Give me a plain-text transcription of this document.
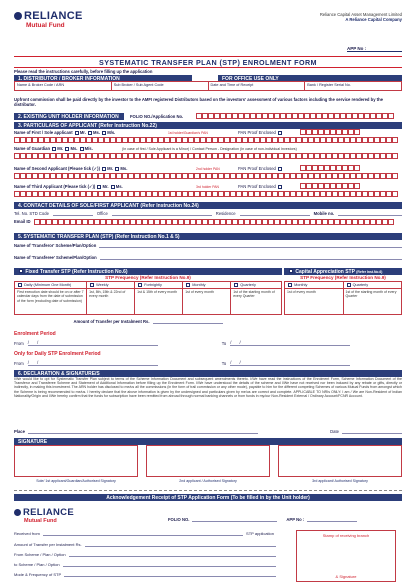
RELIANCE
Mutual Fund
Reliance Capital Asset Management Limited
A Reliance Capital Company
APP No :
SYSTEMATIC TRANSFER PLAN (STP) ENROLMENT FORM
Please read the instructions carefully, before filling up the application
1. DISTRIBUTOR / BROKER INFORMATION	FOR OFFICE USE ONLY
Name & Broker Code / ARN	Sub Broker / Sub Agent Code	Date and Time of Receipt	Bank / Register Serial No.
Upfront commission shall be paid directly by the investor to the AMFI registered Distributors based on the investors' assessment of various factors including the service rendered by the distributor.
2. EXISTING UNIT HOLDER INFORMATION	FOLIO NO./Application No.
3. PARTICULARS OF APPLICANT (Refer Instruction No.22)
Name of First / Sole applicant Mr. Ms. M/s.	1st holder/Guardian's PAN	PAN Proof Enclosed
Name of Guardian Mr. Ms. M/s.	(In case of first / Sole Applicant is a Minor) / Contact Person - Designation (In case of non-individual Investors)
Name of Second Applicant (Please tick (✓)) Mr. Ms.	2nd holder PAN	PAN Proof Enclosed
Name of Third Applicant (Please tick (✓)) Mr. Ms.	3rd holder PAN	PAN Proof Enclosed
4. CONTACT DETAILS OF SOLE/FIRST APPLICANT (Refer Instruction No.24)
Tel. No. STD Code	Office	Residence	Mobile no.
Email ID
5. SYSTEMATIC TRANSFER PLAN (STP) (Refer Instruction No.1 & 5)
Name of 'Transferor' Scheme/Plan/Option
Name of 'Transferee' Scheme/Plan/Option
Fixed Transfer STP (Refer Instruction No.6)	Capital Appreciation STP (Refer Inst.No.6)
STP Frequency (Refer Instruction No.9)	STP Frequency (Refer Instruction No.9)
Daily (Minimum One Month)	Weekly	Fortnightly	Monthly	Quarterly
First execution date should be on or after 7 calendar days from the date of submission of the form (excluding date of submission)	1st, 8th, 15th & 22nd of every month	1st & 15th of every month	1st of every month	1st of the starting month of every Quarter
Monthly	Quarterly
1st of every month	1st of the starting month of every Quarter
Amount of Transfer per Instalment Rs.
Enrolment Period
From /       /	To /       /
Only for Daily STP Enrolment Period
From /       /	To /       /
6. DECLARATION & SIGNATURE/S
I/We would like to opt for Systematic Transfer Plan subject to terms of the Scheme Information Document and subsequent amendments thereto. I/We have read the instructions of the Enrolment Form, Scheme Information Document of the Transferor and Transferee Scheme and Statement of Additional Information before filling up the Enrolment Form. I/We have understood the details of the scheme and I/We have not received nor been induced by any rebate or gifts, directly or indirectly, in making this investment. The ARN holder has disclosed to me/us all the commissions (in the form of trail commission or any other mode), payable to him for the different competing Schemes of various Mutual Funds from amongst which the Scheme is being recommended to me/us. I hereby declare that the above information is given by the undersigned and particulars given by me/us are correct and complete. APPLICABLE TO NRIs ONLY: I am / We are Non-Resident of Indian Nationality/Origin and I/We hereby confirm that the funds for subscription have been remitted from abroad through normal banking channels or from funds in my/our Non-Resident External / Ordinary Account/FCNR Account.
Place	Date
SIGNATURE
Sole/ 1st applicant/Guardian/Authorised Signatory	2nd applicant / Authorised Signatory	3rd applicant/ Authorised Signatory
Acknowledgement Receipt of STP Application Form (To be filled in by the Unit holder)
RELIANCE
Mutual Fund	FOLIO NO.	APP No :
Received from	STP application
Amount of Transfer per Instalment Rs.
From Scheme / Plan / Option
to Scheme / Plan / Option
Mode & Frequency of STP
Stamp of receiving branch
& Signature
